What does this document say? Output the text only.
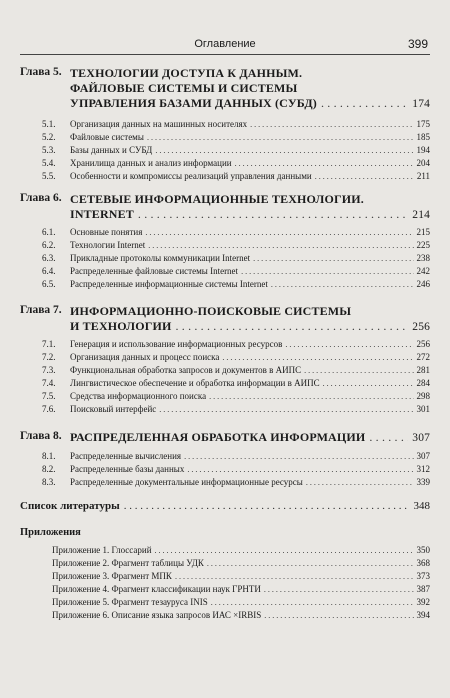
Оглавление	399
Глава 5. ТЕХНОЛОГИИ ДОСТУПА К ДАННЫМ.
ФАЙЛОВЫЕ СИСТЕМЫ И СИСТЕМЫ
УПРАВЛЕНИЯ БАЗАМИ ДАННЫХ (СУБД) . . .	174
5.1.	Организация данных на машинных носителях . . .	175
5.2.	Файловые системы . . .	185
5.3.	Базы данных и СУБД . . .	194
5.4.	Хранилища данных и анализ информации . . .	204
5.5.	Особенности и компромиссы реализаций управления данными . . .	211
Глава 6. СЕТЕВЫЕ ИНФОРМАЦИОННЫЕ ТЕХНОЛОГИИ.
INTERNET . . .	214
6.1.	Основные понятия . . .	215
6.2.	Технологии Internet . . .	225
6.3.	Прикладные протоколы коммуникации Internet . . .	238
6.4.	Распределенные файловые системы Internet . . .	242
6.5.	Распределенные информационные системы Internet . . .	246
Глава 7. ИНФОРМАЦИОННО-ПОИСКОВЫЕ СИСТЕМЫ
И ТЕХНОЛОГИИ . . .	256
7.1.	Генерация и использование информационных ресурсов . . .	256
7.2.	Организация данных и процесс поиска . . .	272
7.3.	Функциональная обработка запросов и документов в АИПС . . .	281
7.4.	Лингвистическое обеспечение и обработка информации в АИПС . . .	284
7.5.	Средства информационного поиска . . .	298
7.6.	Поисковый интерфейс . . .	301
Глава 8. РАСПРЕДЕЛЕННАЯ ОБРАБОТКА ИНФОРМАЦИИ . . .	307
8.1.	Распределенные вычисления . . .	307
8.2.	Распределенные базы данных . . .	312
8.3.	Распределенные документальные информационные ресурсы . . .	339
Список литературы . . .	348
Приложения
Приложение 1. Глоссарий . . .	350
Приложение 2. Фрагмент таблицы УДК . . .	368
Приложение 3. Фрагмент МПК . . .	373
Приложение 4. Фрагмент классификации наук ГРНТИ . . .	387
Приложение 5. Фрагмент тезауруса INIS . . .	392
Приложение 6. Описание языка запросов ИАС ×IRBIS . . .	394
